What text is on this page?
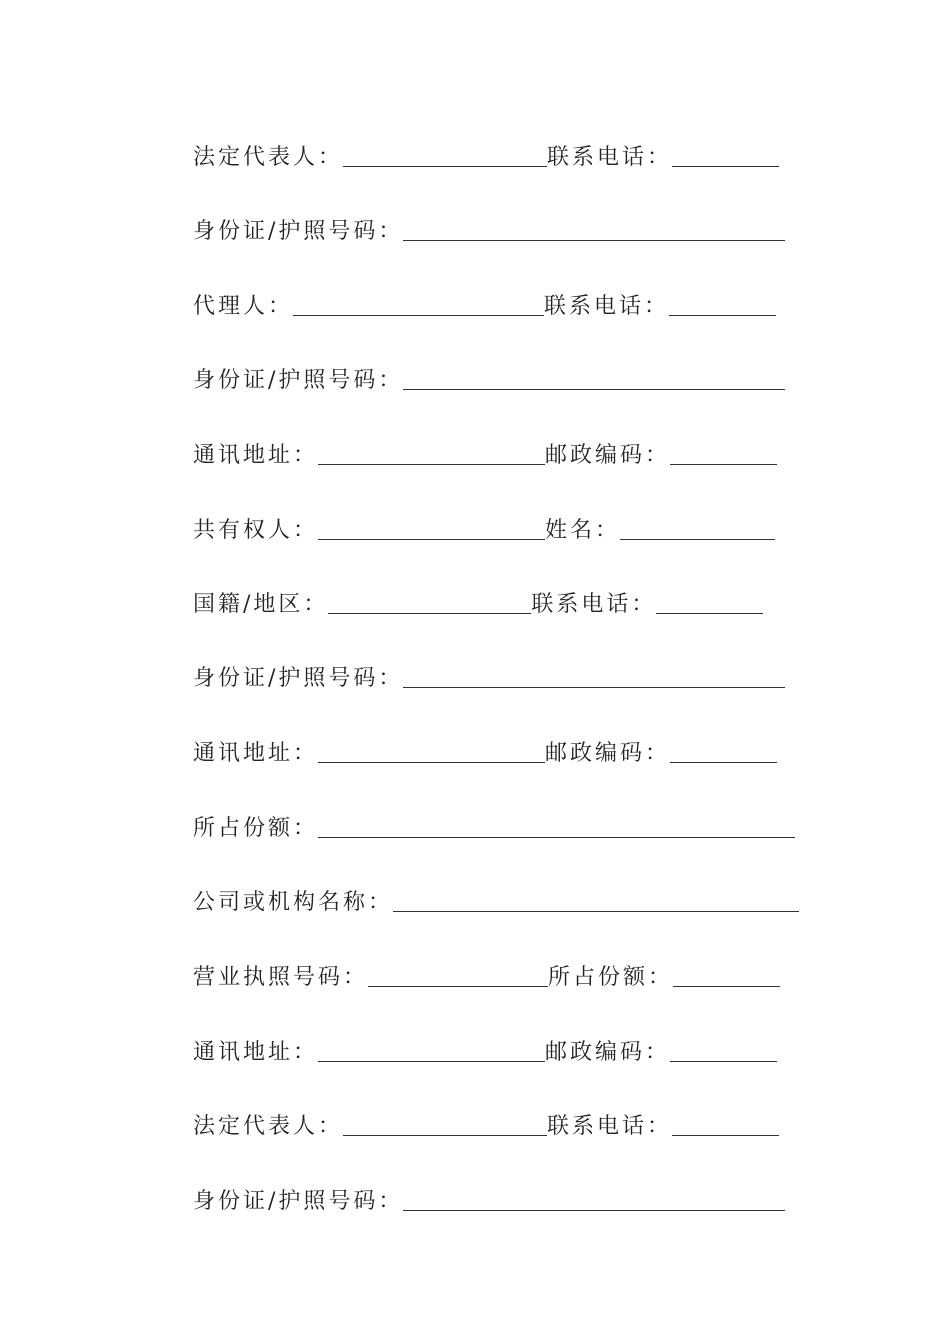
法定代表人：	联系电话：
身份证/护照号码：
代理人：	联系电话：
身份证/护照号码：
通讯地址：	邮政编码：
共有权人：	姓名：
国籍/地区：	联系电话：
身份证/护照号码：
通讯地址：	邮政编码：
所占份额：
公司或机构名称：
营业执照号码：	所占份额：
通讯地址：	邮政编码：
法定代表人：	联系电话：
身份证/护照号码：
